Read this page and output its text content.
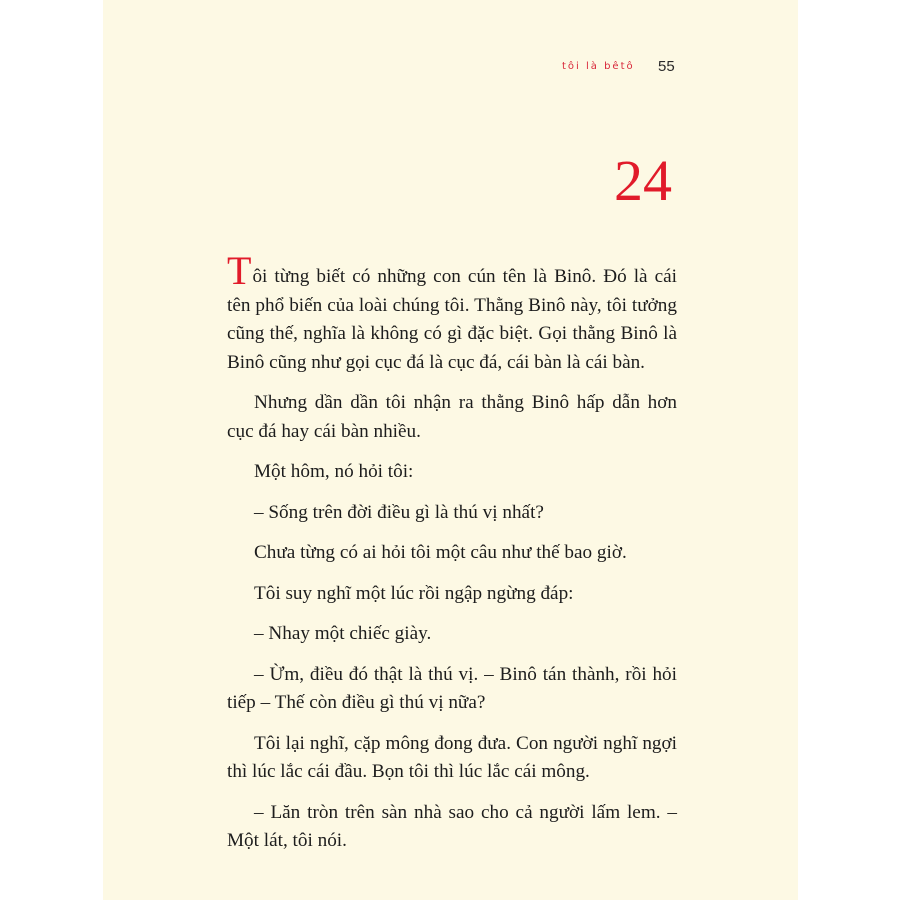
tôi là bêtô 55
24

Tôi từng biết có những con cún tên là Binô. Đó là cái tên phổ biến của loài chúng tôi. Thằng Binô này, tôi tưởng cũng thế, nghĩa là không có gì đặc biệt. Gọi thằng Binô là Binô cũng như gọi cục đá là cục đá, cái bàn là cái bàn.

Nhưng dần dần tôi nhận ra thằng Binô hấp dẫn hơn cục đá hay cái bàn nhiều.

Một hôm, nó hỏi tôi:

– Sống trên đời điều gì là thú vị nhất?

Chưa từng có ai hỏi tôi một câu như thế bao giờ.

Tôi suy nghĩ một lúc rồi ngập ngừng đáp:

– Nhay một chiếc giày.

– Ừm, điều đó thật là thú vị. – Binô tán thành, rồi hỏi tiếp – Thế còn điều gì thú vị nữa?

Tôi lại nghĩ, cặp mông đong đưa. Con người nghĩ ngợi thì lúc lắc cái đầu. Bọn tôi thì lúc lắc cái mông.

– Lăn tròn trên sàn nhà sao cho cả người lấm lem. – Một lát, tôi nói.
